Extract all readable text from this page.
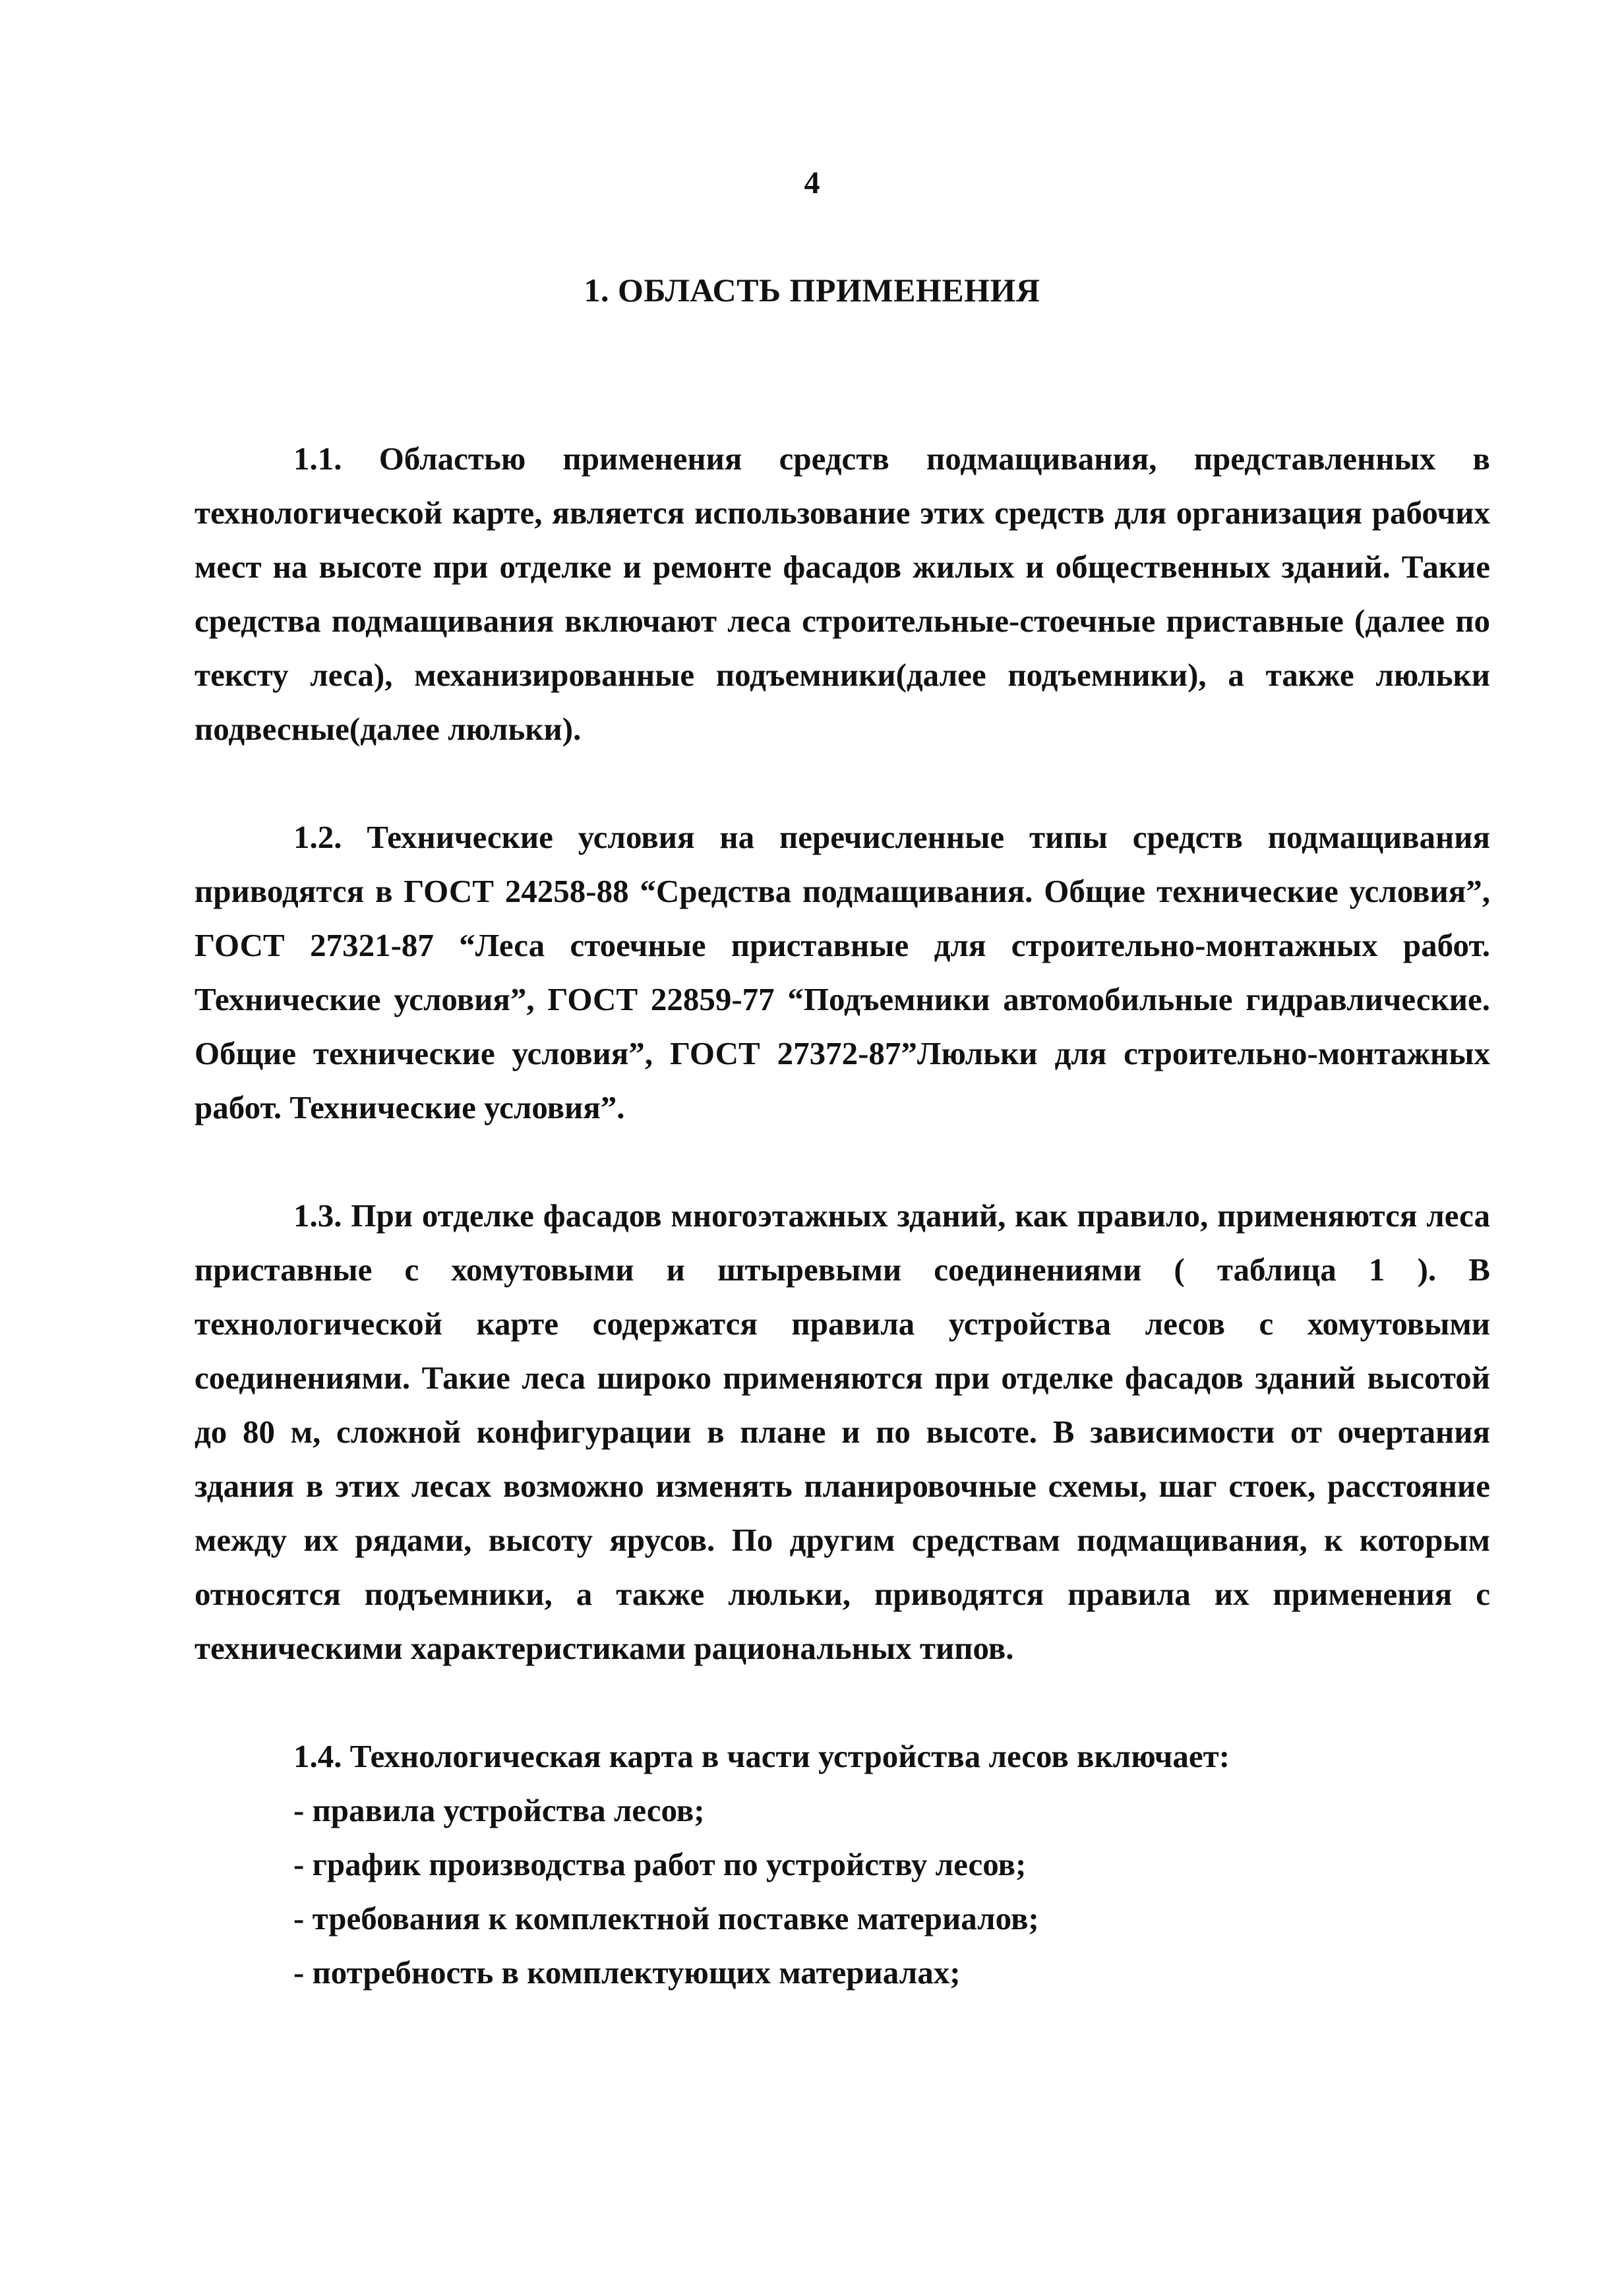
4
1. ОБЛАСТЬ ПРИМЕНЕНИЯ

1.1. Областью применения средств подмащивания, представленных в технологической карте, является использование этих средств для организация рабочих мест на высоте при отделке и ремонте фасадов жилых и общественных зданий. Такие средства подмащивания включают леса строительные-стоечные приставные (далее по тексту леса), механизированные подъемники(далее подъемники), а также люльки подвесные(далее люльки).

1.2. Технические условия на перечисленные типы средств подмащивания приводятся в ГОСТ 24258-88 “Средства подмащивания. Общие технические условия”, ГОСТ 27321-87 “Леса стоечные приставные для строительно-монтажных работ. Технические условия”, ГОСТ 22859-77 “Подъемники автомобильные гидравлические. Общие технические условия”, ГОСТ 27372-87”Люльки для строительно-монтажных работ. Технические условия”.

1.3. При отделке фасадов многоэтажных зданий, как правило, применяются леса приставные с хомутовыми и штыревыми соединениями ( таблица 1 ). В технологической карте содержатся правила устройства лесов с хомутовыми соединениями. Такие леса широко применяются при отделке фасадов зданий высотой до 80 м, сложной конфигурации в плане и по высоте. В зависимости от очертания здания в этих лесах возможно изменять планировочные схемы, шаг стоек, расстояние между их рядами, высоту ярусов. По другим средствам подмащивания, к которым относятся подъемники, а также люльки, приводятся правила их применения с техническими характеристиками рациональных типов.

1.4. Технологическая карта в части устройства лесов включает:

- правила устройства лесов;
- график производства работ по устройству лесов;
- требования к комплектной поставке материалов;
- потребность в комплектующих материалах;
